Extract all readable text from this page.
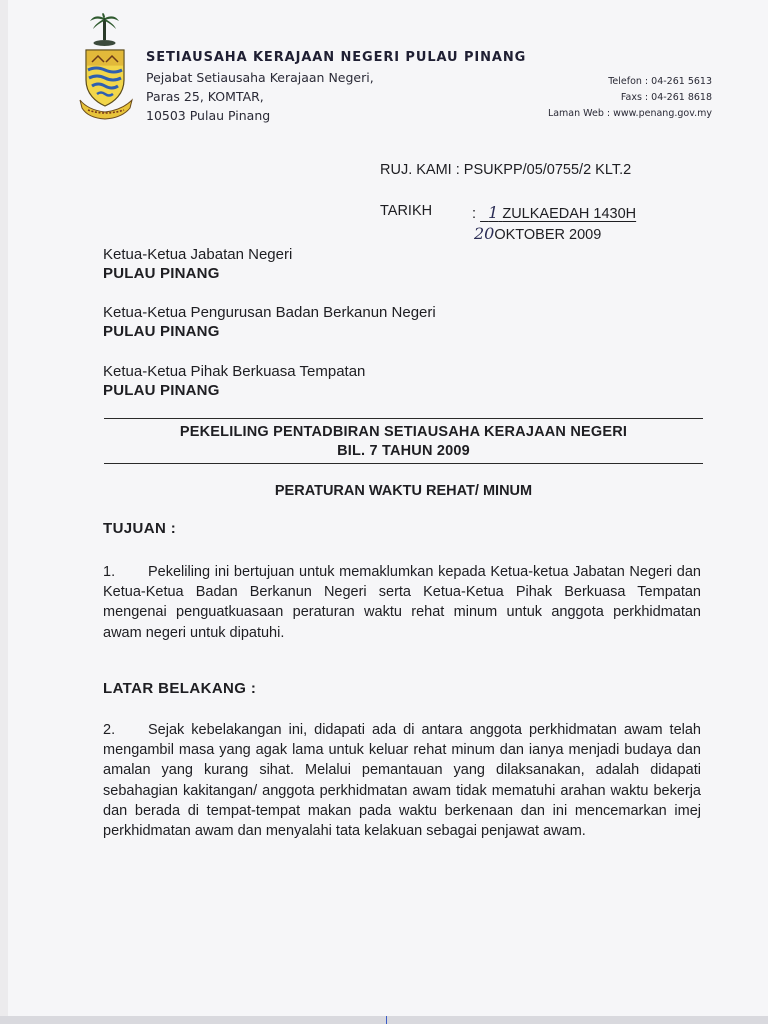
SETIAUSAHA KERAJAAN NEGERI PULAU PINANG
Pejabat Setiausaha Kerajaan Negeri,
Paras 25, KOMTAR,
10503 Pulau Pinang
Telefon : 04-261 5613
Faxs : 04-261 8618
Laman Web : www.penang.gov.my
RUJ. KAMI : PSUKPP/05/0755/2 KLT.2
TARIKH	: 1 ZULKAEDAH 1430H
20OKTOBER 2009
Ketua-Ketua Jabatan Negeri
PULAU PINANG
Ketua-Ketua Pengurusan Badan Berkanun Negeri
PULAU PINANG
Ketua-Ketua Pihak Berkuasa Tempatan
PULAU PINANG
PEKELILING PENTADBIRAN SETIAUSAHA KERAJAAN NEGERI
BIL. 7 TAHUN 2009
PERATURAN WAKTU REHAT/ MINUM
TUJUAN :
1. Pekeliling ini bertujuan untuk memaklumkan kepada Ketua-ketua Jabatan Negeri dan Ketua-Ketua Badan Berkanun Negeri serta Ketua-Ketua Pihak Berkuasa Tempatan mengenai penguatkuasaan peraturan waktu rehat minum untuk anggota perkhidmatan awam negeri untuk dipatuhi.
LATAR BELAKANG :
2. Sejak kebelakangan ini, didapati ada di antara anggota perkhidmatan awam telah mengambil masa yang agak lama untuk keluar rehat minum dan ianya menjadi budaya dan amalan yang kurang sihat. Melalui pemantauan yang dilaksanakan, adalah didapati sebahagian kakitangan/ anggota perkhidmatan awam tidak mematuhi arahan waktu bekerja dan berada di tempat-tempat makan pada waktu berkenaan dan ini mencemarkan imej perkhidmatan awam dan menyalahi tata kelakuan sebagai penjawat awam.
